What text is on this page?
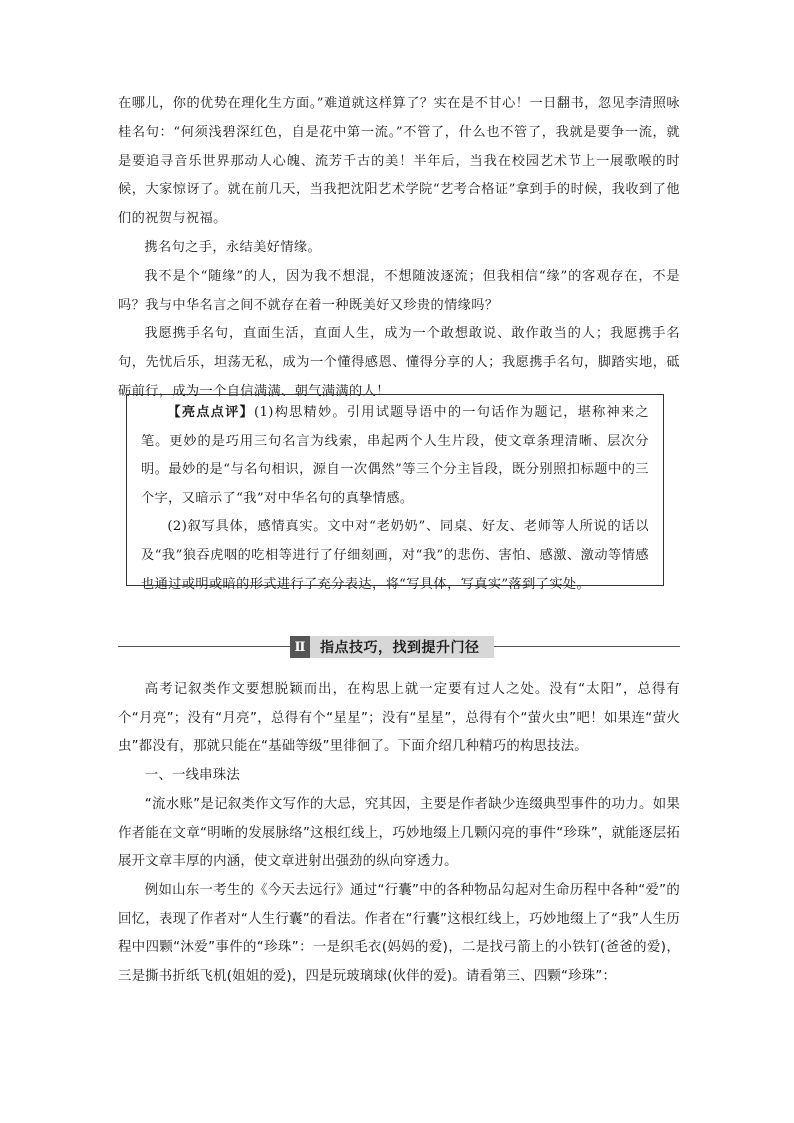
在哪儿，你的优势在理化生方面。”难道就这样算了？实在是不甘心！一日翻书，忽见李清照咏桂名句：“何须浅碧深红色，自是花中第一流。”不管了，什么也不管了，我就是要争一流，就是要追寻音乐世界那动人心魄、流芳千古的美！半年后，当我在校园艺术节上一展歌喉的时候，大家惊讶了。就在前几天，当我把沈阳艺术学院“艺考合格证”拿到手的时候，我收到了他们的祝贺与祝福。

携名句之手，永结美好情缘。

我不是个“随缘”的人，因为我不想混，不想随波逐流；但我相信“缘”的客观存在，不是吗？我与中华名言之间不就存在着一种既美好又珍贵的情缘吗？

我愿携手名句，直面生活，直面人生，成为一个敢想敢说、敢作敢当的人；我愿携手名句，先忧后乐，坦荡无私，成为一个懂得感恩、懂得分享的人；我愿携手名句，脚踏实地，砥砺前行，成为一个自信满满、朝气满满的人！

【亮点点评】(1)构思精妙。引用试题导语中的一句话作为题记，堪称神来之笔。更妙的是巧用三句名言为线索，串起两个人生片段，使文章条理清晰、层次分明。最妙的是“与名句相识，源自一次偶然”等三个分主旨段，既分别照扣标题中的三个字，又暗示了“我”对中华名句的真挚情感。

(2)叙写具体，感情真实。文中对“老奶奶”、同桌、好友、老师等人所说的话以及“我”狼吞虎咽的吃相等进行了仔细刻画，对“我”的悲伤、害怕、感激、激动等情感也通过或明或暗的形式进行了充分表达，将“写具体，写真实”落到了实处。

Ⅱ	指点技巧，找到提升门径

高考记叙类作文要想脱颖而出，在构思上就一定要有过人之处。没有“太阳”，总得有个“月亮”；没有“月亮”，总得有个“星星”；没有“星星”，总得有个“萤火虫”吧！如果连“萤火虫”都没有，那就只能在“基础等级”里徘徊了。下面介绍几种精巧的构思技法。

一、一线串珠法

“流水账”是记叙类作文写作的大忌，究其因，主要是作者缺少连缀典型事件的功力。如果作者能在文章“明晰的发展脉络”这根红线上，巧妙地缀上几颗闪亮的事件“珍珠”，就能逐层拓展开文章丰厚的内涵，使文章进射出强劲的纵向穿透力。

例如山东一考生的《今天去远行》通过“行囊”中的各种物品勾起对生命历程中各种“爱”的回忆，表现了作者对“人生行囊”的看法。作者在“行囊”这根红线上，巧妙地缀上了“我”人生历程中四颗“沐爱”事件的“珍珠”：一是织毛衣(妈妈的爱)，二是找弓箭上的小铁钉(爸爸的爱)，三是撕书折纸飞机(姐姐的爱)，四是玩玻璃球(伙伴的爱)。请看第三、四颗“珍珠”：
